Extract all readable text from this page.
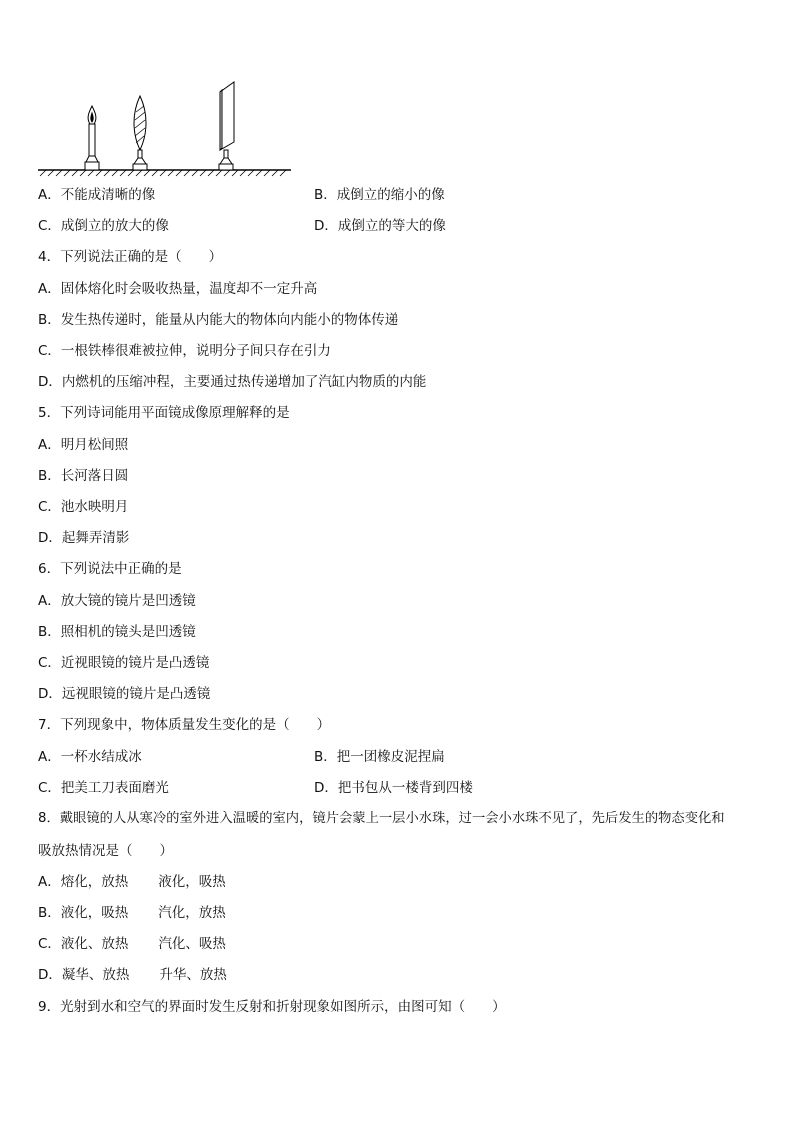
A．不能成清晰的像	B．成倒立的缩小的像
C．成倒立的放大的像	D．成倒立的等大的像
4．下列说法正确的是（　　）
A．固体熔化时会吸收热量，温度却不一定升高
B．发生热传递时，能量从内能大的物体向内能小的物体传递
C．一根铁棒很难被拉伸，说明分子间只存在引力
D．内燃机的压缩冲程，主要通过热传递增加了汽缸内物质的内能
5．下列诗词能用平面镜成像原理解释的是
A．明月松间照
B．长河落日圆
C．池水映明月
D．起舞弄清影
6．下列说法中正确的是
A．放大镜的镜片是凹透镜
B．照相机的镜头是凹透镜
C．近视眼镜的镜片是凸透镜
D．远视眼镜的镜片是凸透镜
7．下列现象中，物体质量发生变化的是（　　）
A．一杯水结成冰	B．把一团橡皮泥捏扁
C．把美工刀表面磨光	D．把书包从一楼背到四楼
8．戴眼镜的人从寒冷的室外进入温暖的室内，镜片会蒙上一层小水珠，过一会小水珠不见了，先后发生的物态变化和
吸放热情况是（　　）
A．熔化，放热 液化，吸热
B．液化，吸热 汽化，放热
C．液化、放热 汽化、吸热
D．凝华、放热 升华、放热
9．光射到水和空气的界面时发生反射和折射现象如图所示，由图可知（　　）
